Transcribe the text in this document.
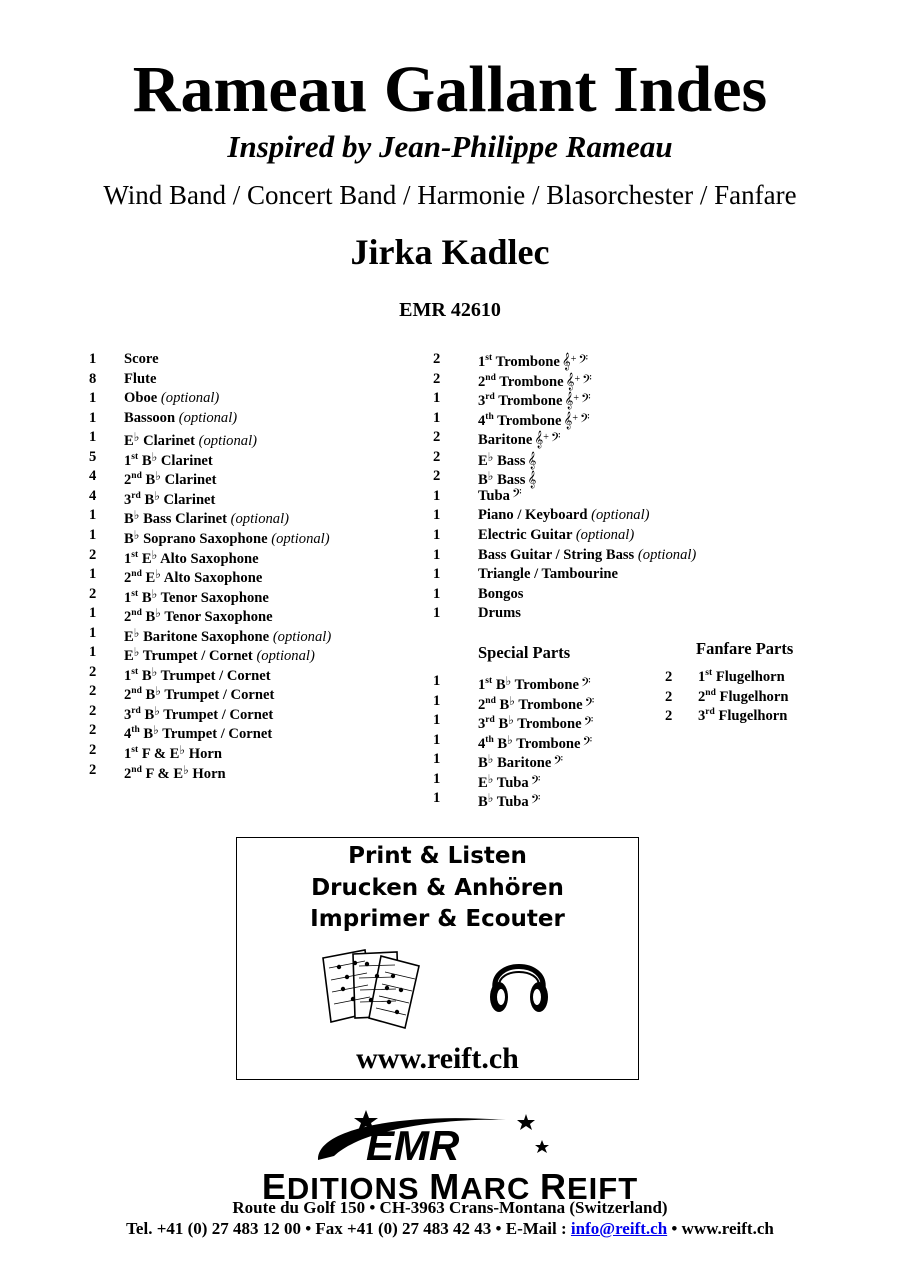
Rameau Gallant Indes
Inspired by Jean-Philippe Rameau
Wind Band / Concert Band / Harmonie / Blasorchester / Fanfare
Jirka Kadlec
EMR 42610
1 Score
8 Flute
1 Oboe (optional)
1 Bassoon (optional)
1 E♭ Clarinet (optional)
5 1st B♭ Clarinet
4 2nd B♭ Clarinet
4 3rd B♭ Clarinet
1 B♭ Bass Clarinet (optional)
1 B♭ Soprano Saxophone (optional)
2 1st E♭ Alto Saxophone
1 2nd E♭ Alto Saxophone
2 1st B♭ Tenor Saxophone
1 2nd B♭ Tenor Saxophone
1 E♭ Baritone Saxophone (optional)
1 E♭ Trumpet / Cornet (optional)
2 1st B♭ Trumpet / Cornet
2 2nd B♭ Trumpet / Cornet
2 3rd B♭ Trumpet / Cornet
2 4th B♭ Trumpet / Cornet
2 1st F & E♭ Horn
2 2nd F & E♭ Horn
2	1st Trombone 𝄞+ 𝄢
2	2nd Trombone 𝄞+ 𝄢
1	3rd Trombone 𝄞+ 𝄢
1	4th Trombone 𝄞+ 𝄢
2	Baritone 𝄞+ 𝄢
2	E♭ Bass 𝄞
2	B♭ Bass 𝄞
1	Tuba 𝄢
1	Piano / Keyboard (optional)
1	Electric Guitar (optional)
1	Bass Guitar / String Bass (optional)
1	Triangle / Tambourine
1	Bongos
1	Drums
Special Parts
1	1st B♭ Trombone 𝄢
1	2nd B♭ Trombone 𝄢
1	3rd B♭ Trombone 𝄢
1	4th B♭ Trombone 𝄢
1	B♭ Baritone 𝄢
1	E♭ Tuba 𝄢
1	B♭ Tuba 𝄢
Fanfare Parts
2 1st Flugelhorn
2 2nd Flugelhorn
2 3rd Flugelhorn
Print & Listen
Drucken & Anhören
Imprimer & Ecouter
www.reift.ch
EMR
EDITIONS MARC REIFT
Route du Golf 150 • CH-3963 Crans-Montana (Switzerland)
Tel. +41 (0) 27 483 12 00 • Fax +41 (0) 27 483 42 43 • E-Mail : info@reift.ch • www.reift.ch
